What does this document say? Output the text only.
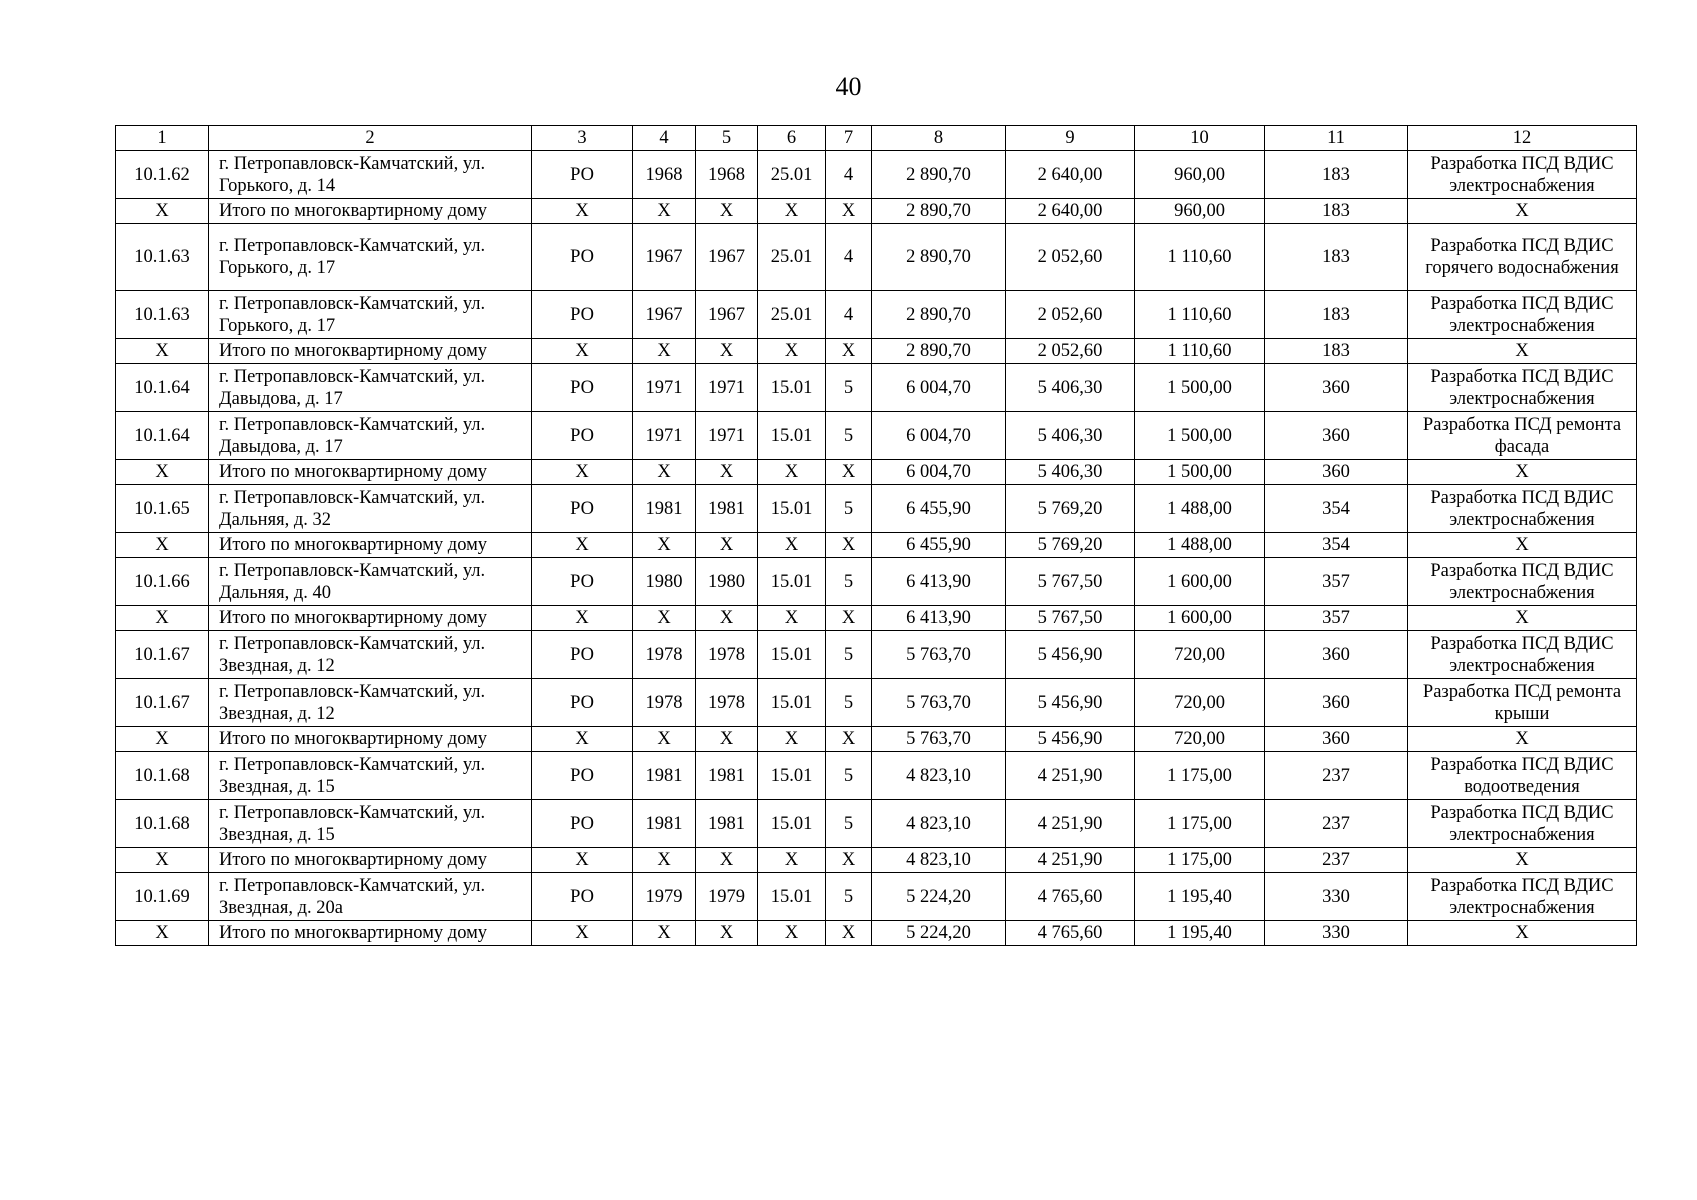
40
1	2	3	4	5	6	7	8	9	10	11	12
10.1.62	г. Петропавловск-Камчатский, ул. Горького, д. 14	РО	1968	1968	25.01	4	2 890,70	2 640,00	960,00	183	Разработка ПСД ВДИС электроснабжения
Х	Итого по многоквартирному дому	Х	Х	Х	Х	Х	2 890,70	2 640,00	960,00	183	Х
10.1.63	г. Петропавловск-Камчатский, ул. Горького, д. 17	РО	1967	1967	25.01	4	2 890,70	2 052,60	1 110,60	183	Разработка ПСД ВДИС горячего водоснабжения
10.1.63	г. Петропавловск-Камчатский, ул. Горького, д. 17	РО	1967	1967	25.01	4	2 890,70	2 052,60	1 110,60	183	Разработка ПСД ВДИС электроснабжения
Х	Итого по многоквартирному дому	Х	Х	Х	Х	Х	2 890,70	2 052,60	1 110,60	183	Х
10.1.64	г. Петропавловск-Камчатский, ул. Давыдова, д. 17	РО	1971	1971	15.01	5	6 004,70	5 406,30	1 500,00	360	Разработка ПСД ВДИС электроснабжения
10.1.64	г. Петропавловск-Камчатский, ул. Давыдова, д. 17	РО	1971	1971	15.01	5	6 004,70	5 406,30	1 500,00	360	Разработка ПСД ремонта фасада
Х	Итого по многоквартирному дому	Х	Х	Х	Х	Х	6 004,70	5 406,30	1 500,00	360	Х
10.1.65	г. Петропавловск-Камчатский, ул. Дальняя, д. 32	РО	1981	1981	15.01	5	6 455,90	5 769,20	1 488,00	354	Разработка ПСД ВДИС электроснабжения
Х	Итого по многоквартирному дому	Х	Х	Х	Х	Х	6 455,90	5 769,20	1 488,00	354	Х
10.1.66	г. Петропавловск-Камчатский, ул. Дальняя, д. 40	РО	1980	1980	15.01	5	6 413,90	5 767,50	1 600,00	357	Разработка ПСД ВДИС электроснабжения
Х	Итого по многоквартирному дому	Х	Х	Х	Х	Х	6 413,90	5 767,50	1 600,00	357	Х
10.1.67	г. Петропавловск-Камчатский, ул. Звездная, д. 12	РО	1978	1978	15.01	5	5 763,70	5 456,90	720,00	360	Разработка ПСД ВДИС электроснабжения
10.1.67	г. Петропавловск-Камчатский, ул. Звездная, д. 12	РО	1978	1978	15.01	5	5 763,70	5 456,90	720,00	360	Разработка ПСД ремонта крыши
Х	Итого по многоквартирному дому	Х	Х	Х	Х	Х	5 763,70	5 456,90	720,00	360	Х
10.1.68	г. Петропавловск-Камчатский, ул. Звездная, д. 15	РО	1981	1981	15.01	5	4 823,10	4 251,90	1 175,00	237	Разработка ПСД ВДИС водоотведения
10.1.68	г. Петропавловск-Камчатский, ул. Звездная, д. 15	РО	1981	1981	15.01	5	4 823,10	4 251,90	1 175,00	237	Разработка ПСД ВДИС электроснабжения
Х	Итого по многоквартирному дому	Х	Х	Х	Х	Х	4 823,10	4 251,90	1 175,00	237	Х
10.1.69	г. Петропавловск-Камчатский, ул. Звездная, д. 20а	РО	1979	1979	15.01	5	5 224,20	4 765,60	1 195,40	330	Разработка ПСД ВДИС электроснабжения
Х	Итого по многоквартирному дому	Х	Х	Х	Х	Х	5 224,20	4 765,60	1 195,40	330	Х
